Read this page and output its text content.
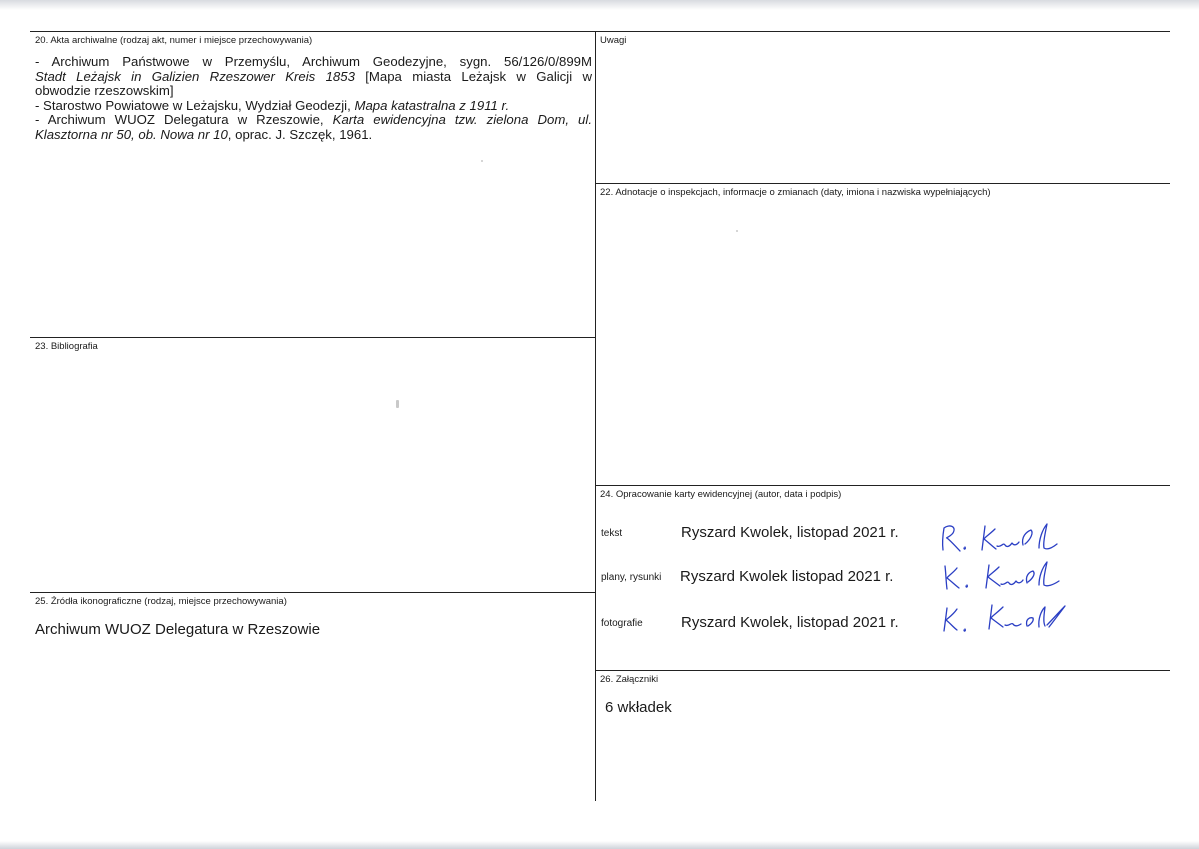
20. Akta archiwalne (rodzaj akt, numer i miejsce przechowywania)
- Archiwum Państwowe w Przemyślu, Archiwum Geodezyjne, sygn. 56/126/0/899M
Stadt Leżajsk in Galizien Rzeszower Kreis 1853 [Mapa miasta Leżajsk w Galicji w
obwodzie rzeszowskim]
- Starostwo Powiatowe w Leżajsku, Wydział Geodezji, Mapa katastralna z 1911 r.
- Archiwum WUOZ Delegatura w Rzeszowie, Karta ewidencyjna tzw. zielona Dom, ul.
Klasztorna nr 50, ob. Nowa nr 10, oprac. J. Szczęk, 1961.
Uwagi
22. Adnotacje o inspekcjach, informacje o zmianach (daty, imiona i nazwiska wypełniających)
23. Bibliografia
24. Opracowanie karty ewidencyjnej (autor, data i podpis)
tekst	Ryszard Kwolek, listopad 2021 r.
plany, rysunki Ryszard Kwolek listopad 2021 r.
fotografie	Ryszard Kwolek, listopad 2021 r.
25. Źródła ikonograficzne (rodzaj, miejsce przechowywania)
Archiwum WUOZ Delegatura w Rzeszowie
26. Załączniki
6 wkładek
